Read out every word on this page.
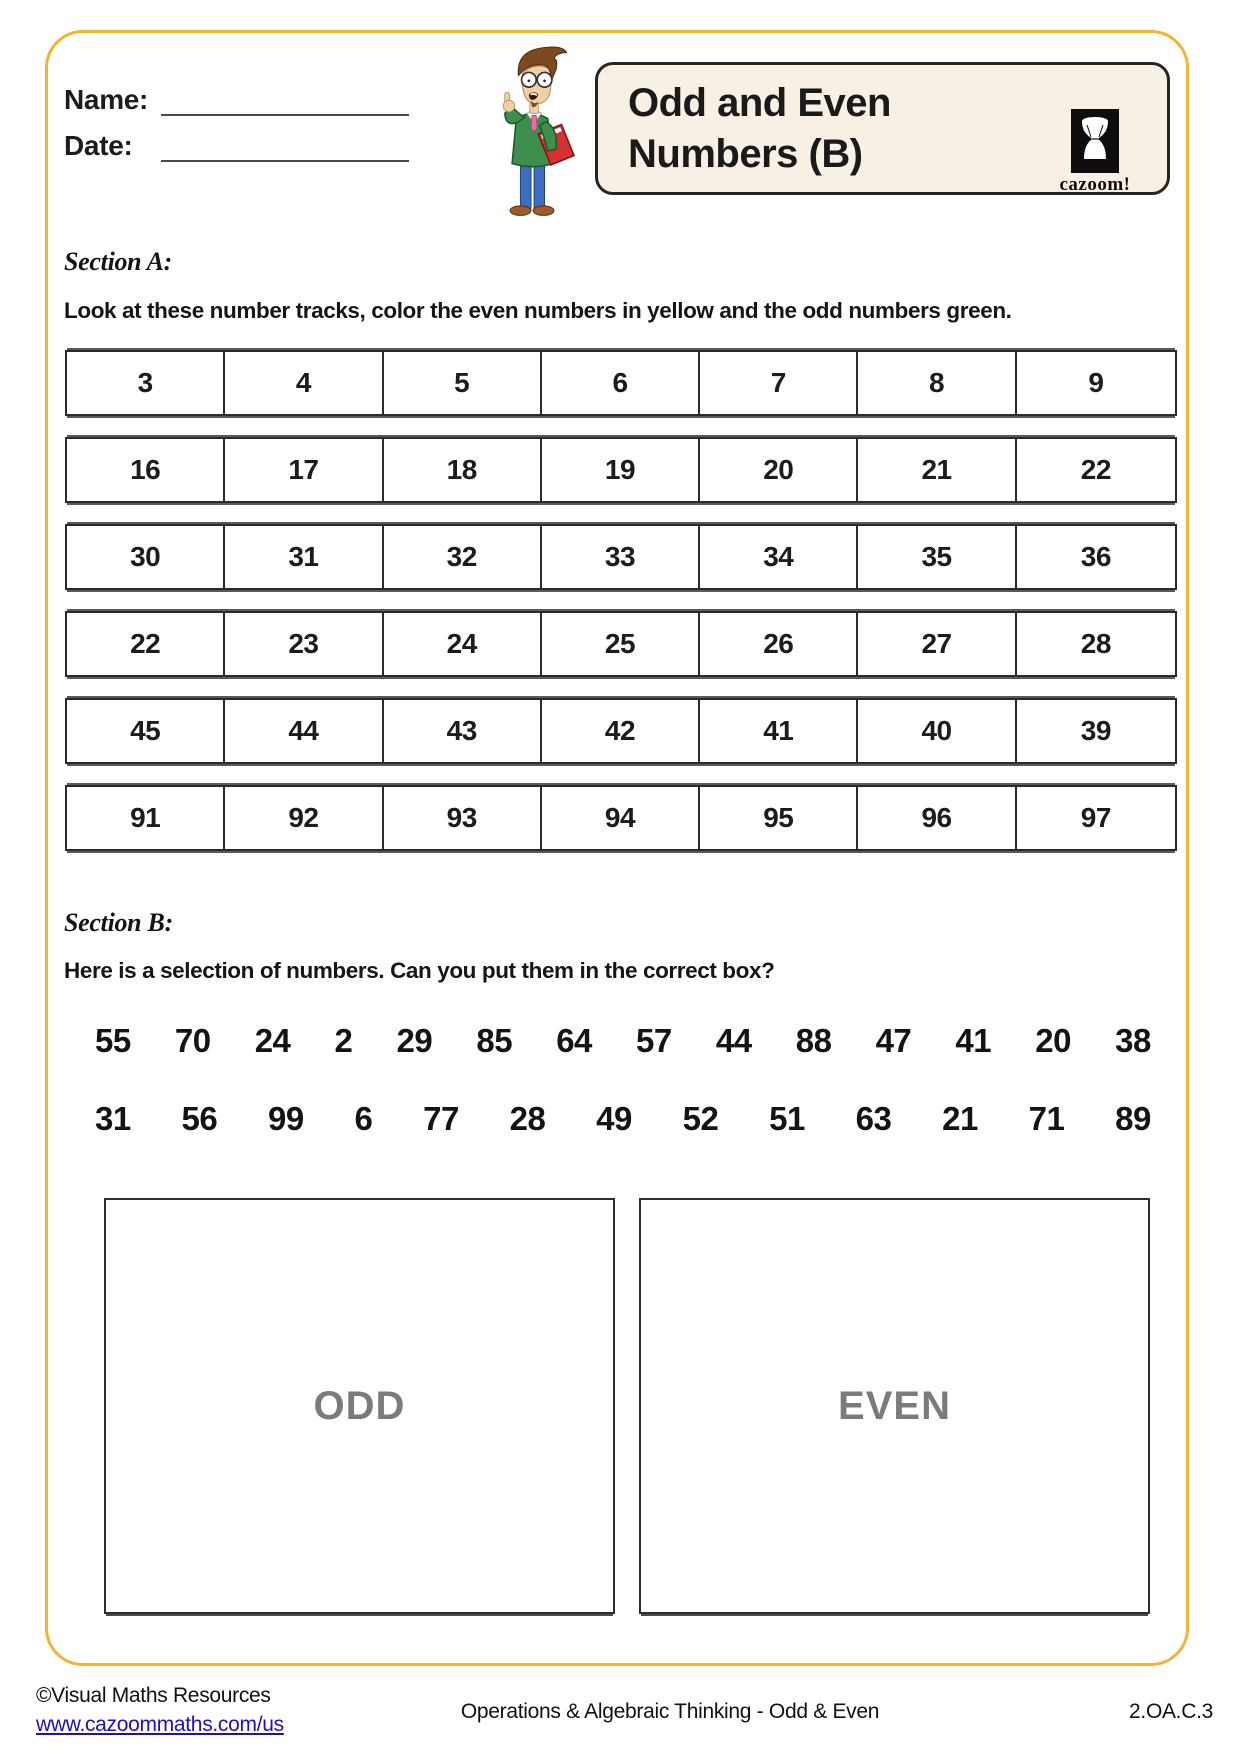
Name:
Date:
Odd and Even
Numbers (B)
cazoom!
Section A:
Look at these number tracks, color the even numbers in yellow and the odd numbers green.
3	4	5	6	7	8	9
16	17	18	19	20	21	22
30	31	32	33	34	35	36
22	23	24	25	26	27	28
45	44	43	42	41	40	39
91	92	93	94	95	96	97
Section B:
Here is a selection of numbers. Can you put them in the correct box?
55 70 24 2 29 85 64 57 44 88 47 41 20 38
31 56 99 6 77 28 49 52 51 63 21 71 89
ODD	EVEN
©Visual Maths Resources
www.cazoommaths.com/us
Operations & Algebraic Thinking - Odd & Even	2.OA.C.3
